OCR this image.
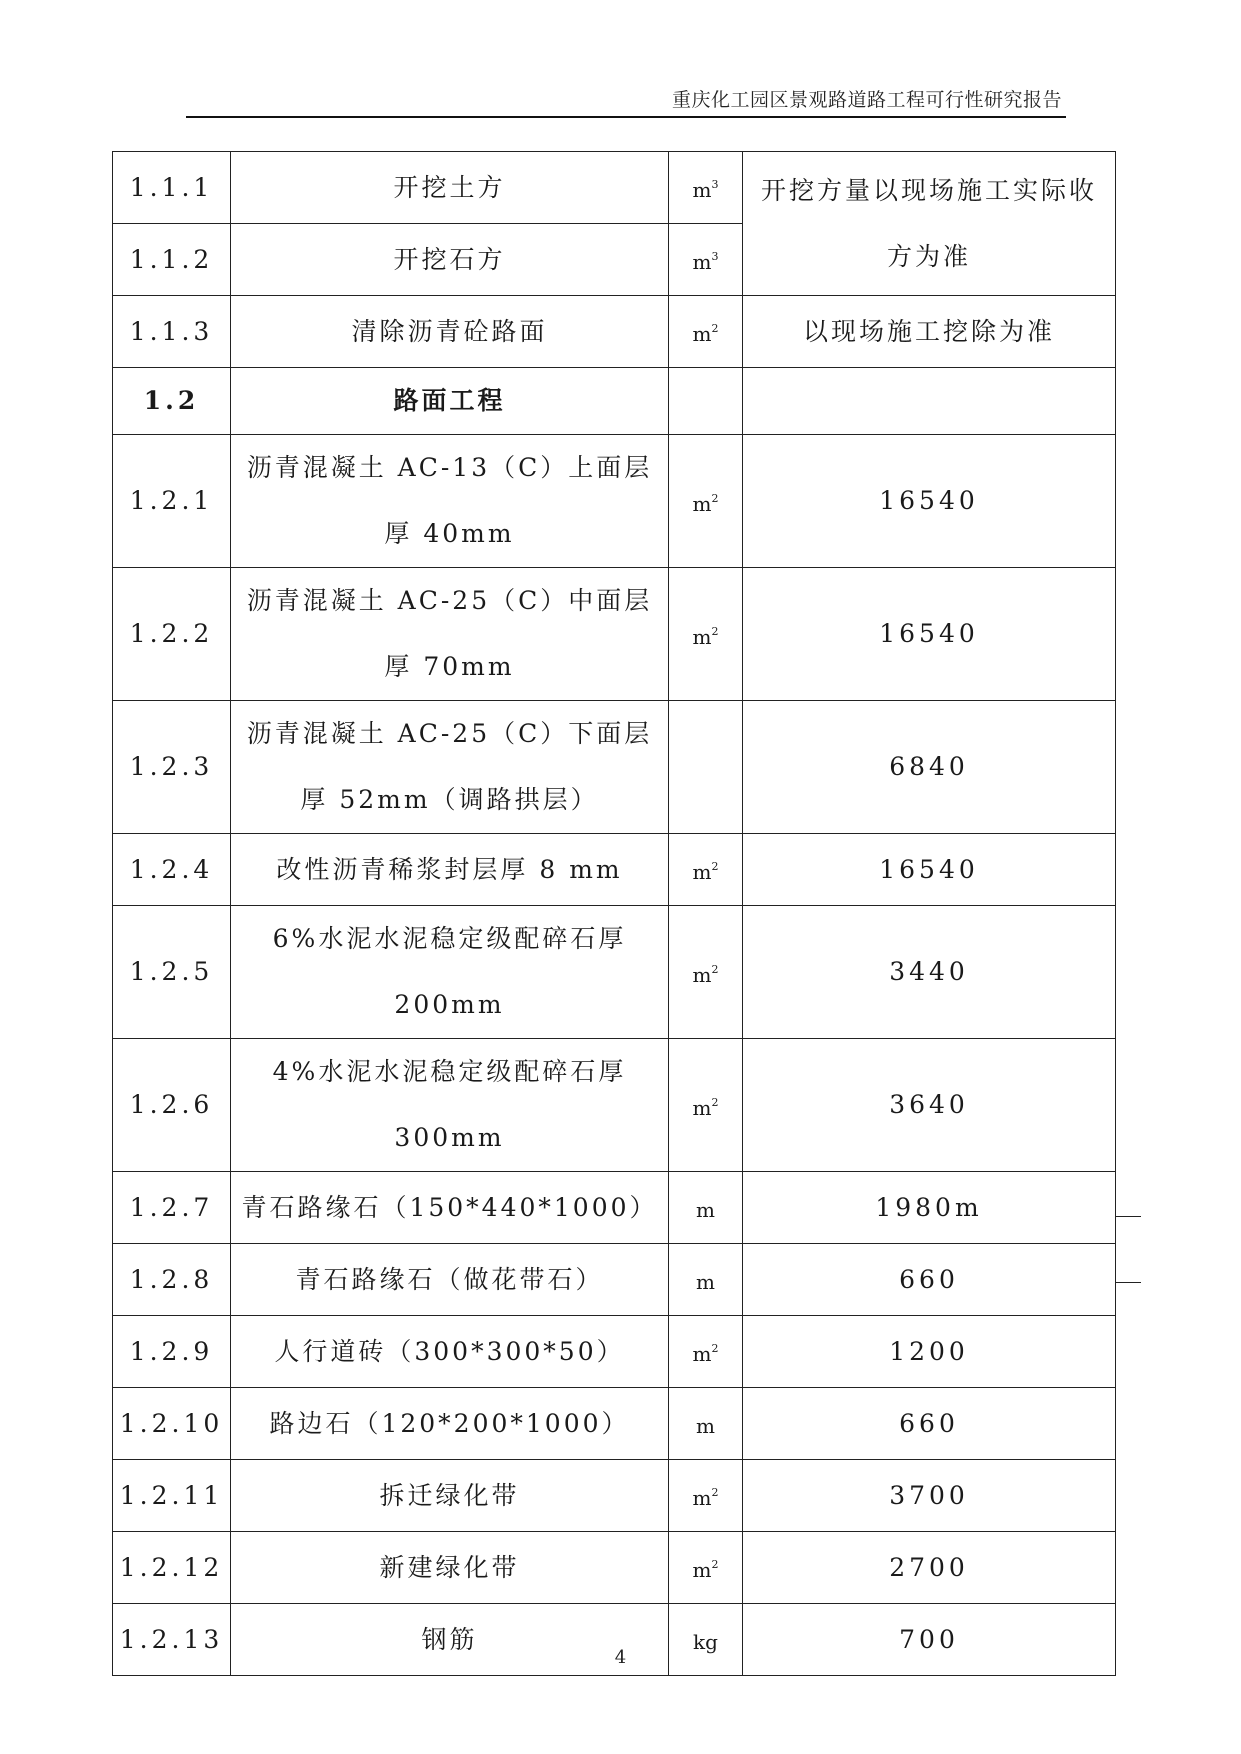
重庆化工园区景观路道路工程可行性研究报告
1.1.1	开挖土方	$m^3$	开挖方量以现场施工实际收方为准
1.1.2	开挖石方	$m^3$
1.1.3	清除沥青砼路面	$m^2$	以现场施工挖除为准
1.2	路面工程		
1.2.1	沥青混凝土 AC-13（C）上面层厚 40mm	$m^2$	16540
1.2.2	沥青混凝土 AC-25（C）中面层厚 70mm	$m^2$	16540
1.2.3	沥青混凝土 AC-25（C）下面层厚 52mm（调路拱层）		6840
1.2.4	改性沥青稀浆封层厚 8 mm	$m^2$	16540
1.2.5	6%水泥水泥稳定级配碎石厚 200mm	$m^2$	3440
1.2.6	4%水泥水泥稳定级配碎石厚 300mm	$m^2$	3640
1.2.7	青石路缘石（150*440*1000）	m	1980m
1.2.8	青石路缘石（做花带石）	m	660
1.2.9	人行道砖（300*300*50）	$m^2$	1200
1.2.10	路边石（120*200*1000）	m	660
1.2.11	拆迁绿化带	$m^2$	3700
1.2.12	新建绿化带	$m^2$	2700
1.2.13	钢筋	kg	700
4
